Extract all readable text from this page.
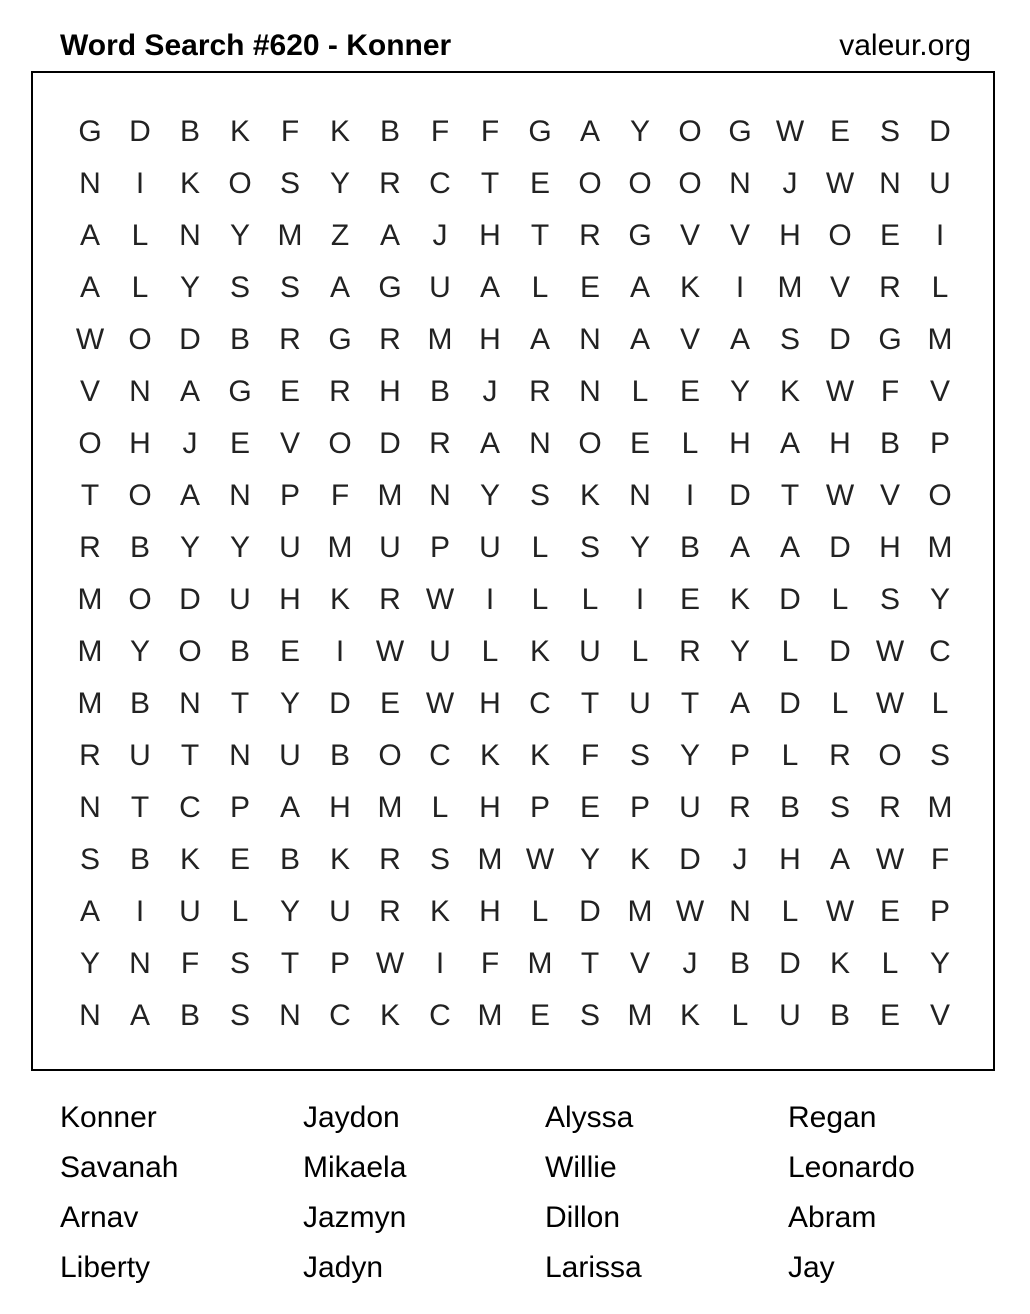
Word Search #620 - Konner	valeur.org
G D B K	F	K B	F	F G A Y O G W E S D
N	I	K O S Y R C	T	E O O O N	J W N U
A	L	N Y M Z	A	J	H	T	R G V V H O E	I
A	L	Y S S A G U A	L	E A K	I	M V R	L
W O D B R G R M H A N A V A S D G M
V N A G E R H B	J	R N	L	E Y K W F	V
O H	J	E V O D R A N O E	L	H A H B P
T O A N P	F M N Y S K N	I	D	T W V O
R B Y Y U M U P U	L	S Y B A A D H M
M O D U H K R W	I	L	L	I	E K D	L	S Y
M Y O B E	I	W U	L	K U	L	R Y	L	D W C
M B N	T	Y D E W H C	T	U	T	A D	L W L
R U	T	N U B O C K K	F	S Y P	L	R O S
N	T	C P A H M L	H P E P U R B S R M
S B K E B K R S M W Y K D	J	H A W F
A	I	U	L	Y U R K H	L	D M W N	L W E P
Y N	F	S	T	P W	I	F M T	V	J	B D K	L	Y
N A B S N C K C M E S M K	L	U B E V
Konner	Jaydon	Alyssa	Regan
Savanah	Mikaela	Willie	Leonardo
Arnav	Jazmyn	Dillon	Abram
Liberty	Jadyn	Larissa	Jay
